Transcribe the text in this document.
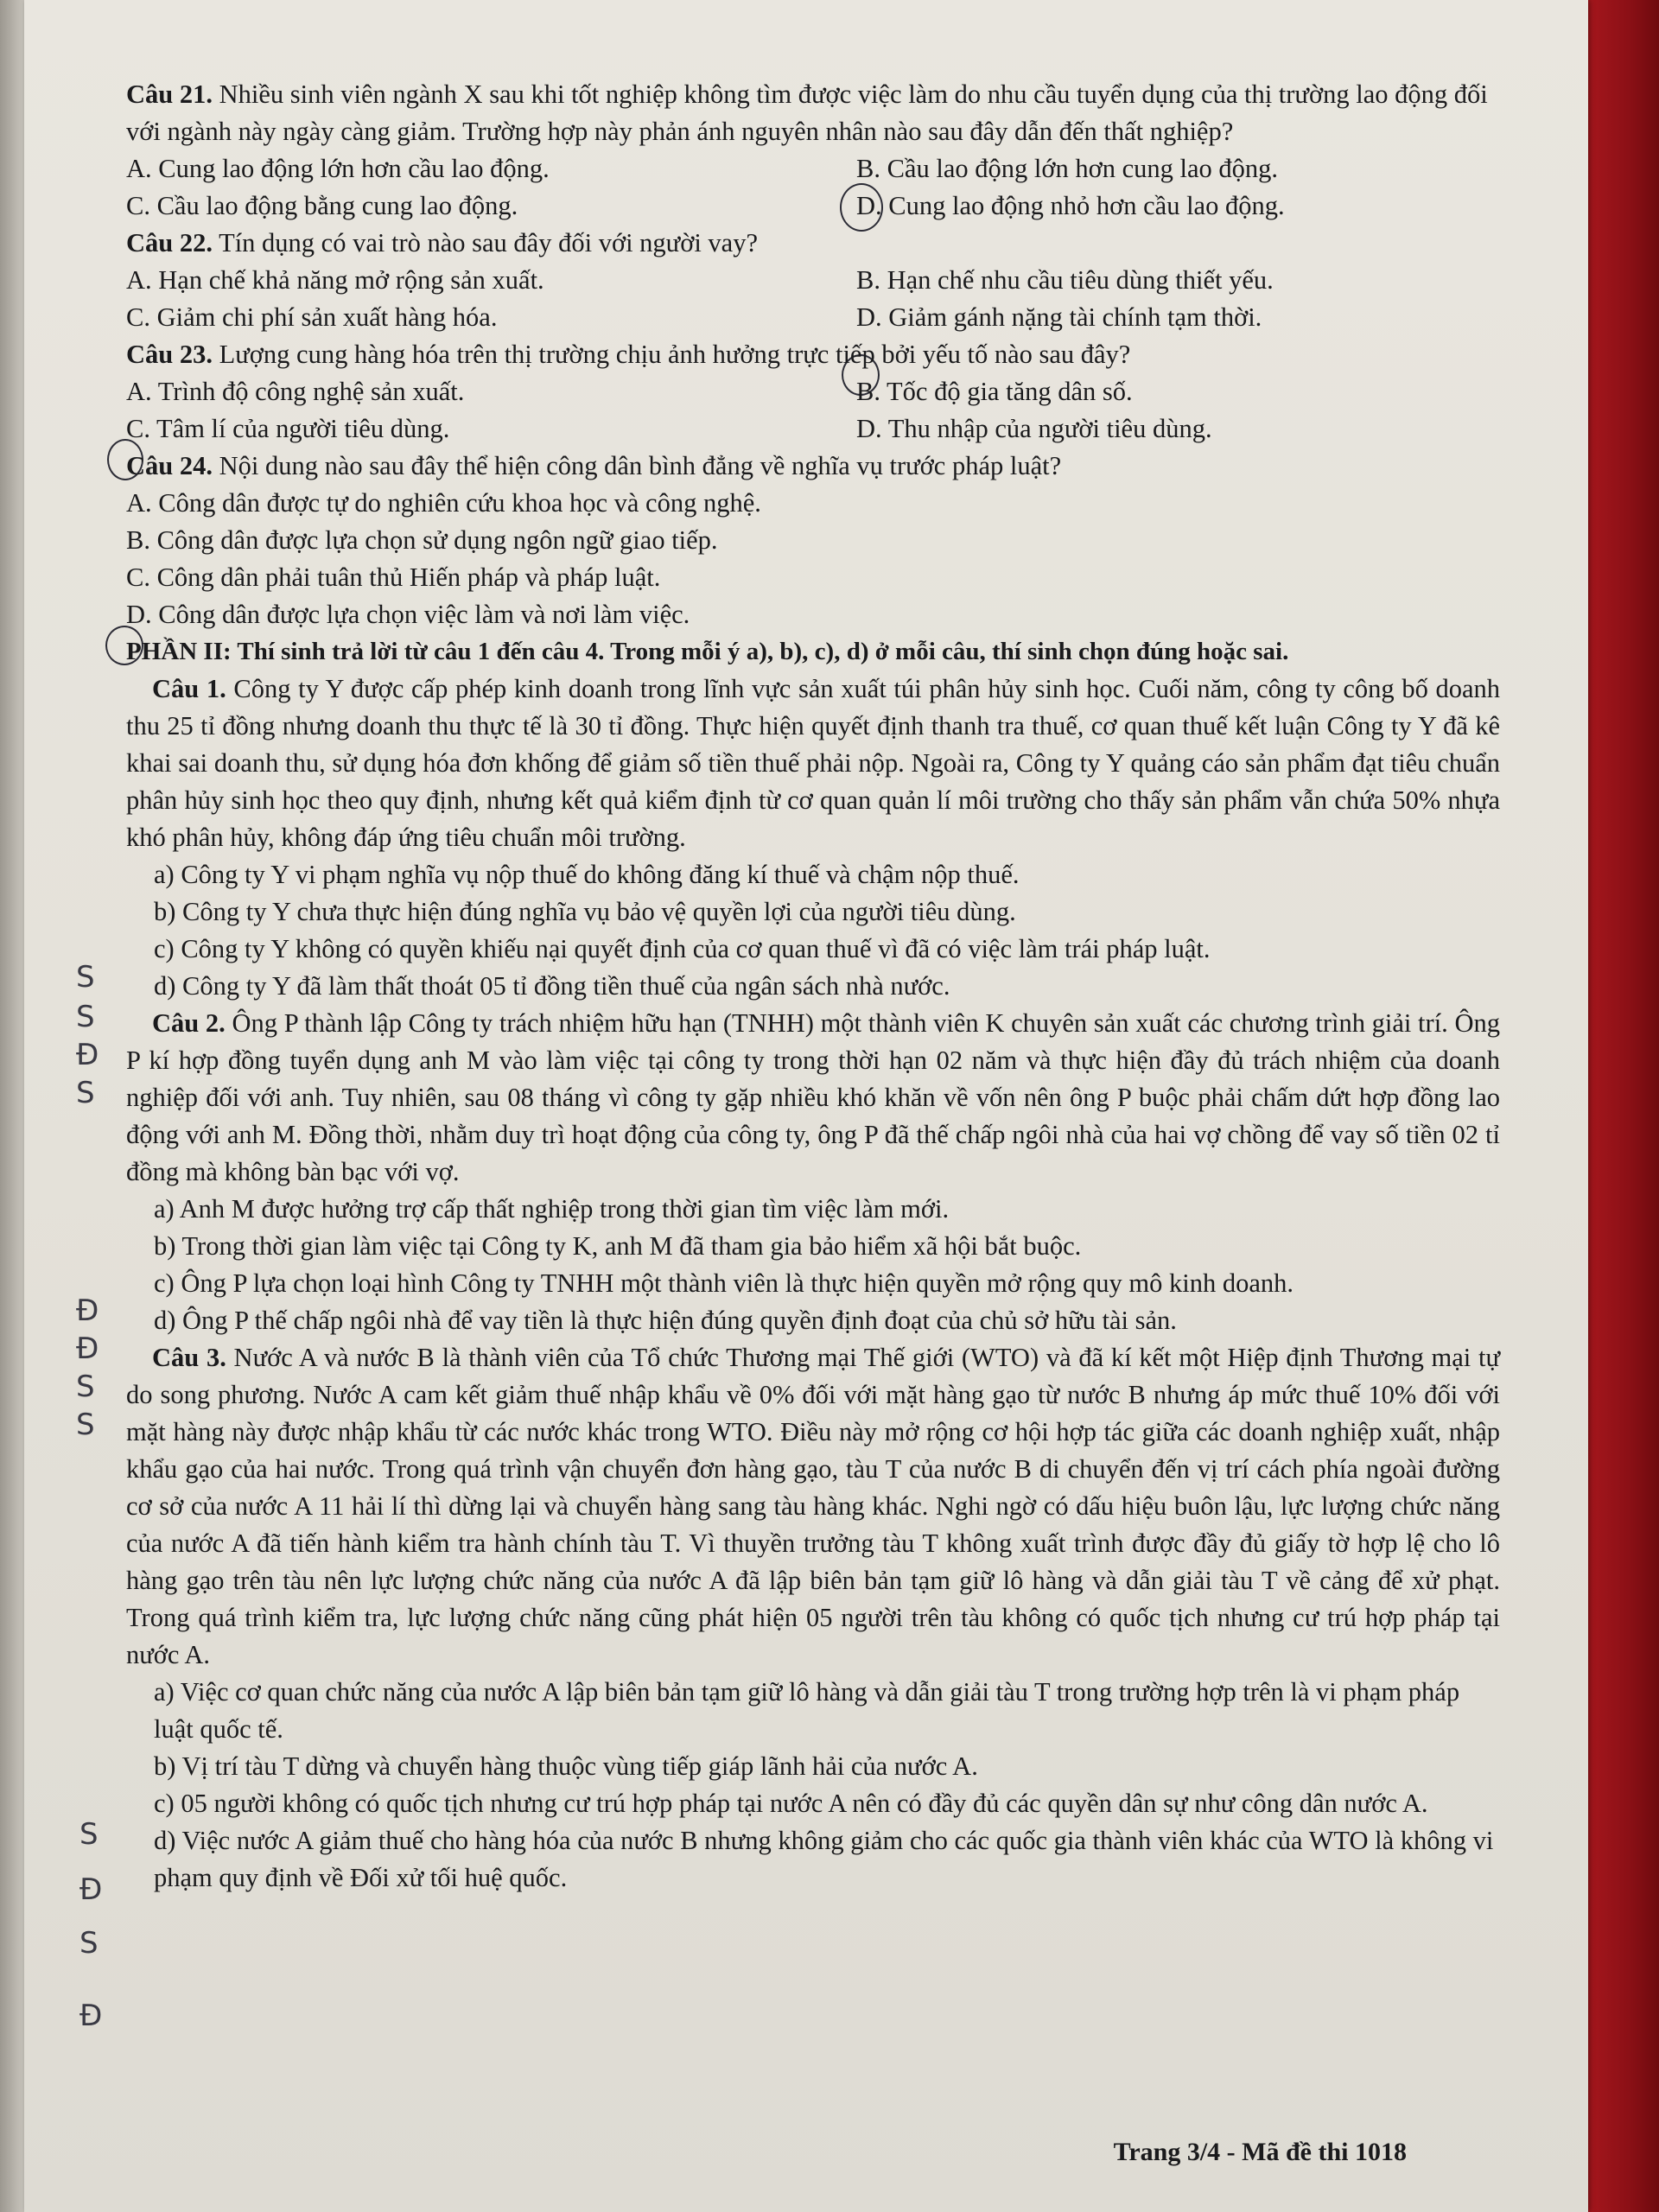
S
S
Đ
S
Đ
Đ
S
S
S
Đ
S
Đ

Câu 21. Nhiều sinh viên ngành X sau khi tốt nghiệp không tìm được việc làm do nhu cầu tuyển dụng của thị trường lao động đối với ngành này ngày càng giảm. Trường hợp này phản ánh nguyên nhân nào sau đây dẫn đến thất nghiệp?

A. Cung lao động lớn hơn cầu lao động.	B. Cầu lao động lớn hơn cung lao động.
C. Cầu lao động bằng cung lao động.	D. Cung lao động nhỏ hơn cầu lao động.

Câu 22. Tín dụng có vai trò nào sau đây đối với người vay?

A. Hạn chế khả năng mở rộng sản xuất.	B. Hạn chế nhu cầu tiêu dùng thiết yếu.
C. Giảm chi phí sản xuất hàng hóa.	D. Giảm gánh nặng tài chính tạm thời.

Câu 23. Lượng cung hàng hóa trên thị trường chịu ảnh hưởng trực tiếp bởi yếu tố nào sau đây?

A. Trình độ công nghệ sản xuất.	B. Tốc độ gia tăng dân số.
C. Tâm lí của người tiêu dùng.	D. Thu nhập của người tiêu dùng.

Câu 24. Nội dung nào sau đây thể hiện công dân bình đẳng về nghĩa vụ trước pháp luật?

A. Công dân được tự do nghiên cứu khoa học và công nghệ.
B. Công dân được lựa chọn sử dụng ngôn ngữ giao tiếp.
C. Công dân phải tuân thủ Hiến pháp và pháp luật.
D. Công dân được lựa chọn việc làm và nơi làm việc.
PHẦN II: Thí sinh trả lời từ câu 1 đến câu 4. Trong mỗi ý a), b), c), d) ở mỗi câu, thí sinh chọn đúng hoặc sai.

Câu 1. Công ty Y được cấp phép kinh doanh trong lĩnh vực sản xuất túi phân hủy sinh học. Cuối năm, công ty công bố doanh thu 25 tỉ đồng nhưng doanh thu thực tế là 30 tỉ đồng. Thực hiện quyết định thanh tra thuế, cơ quan thuế kết luận Công ty Y đã kê khai sai doanh thu, sử dụng hóa đơn khống để giảm số tiền thuế phải nộp. Ngoài ra, Công ty Y quảng cáo sản phẩm đạt tiêu chuẩn phân hủy sinh học theo quy định, nhưng kết quả kiểm định từ cơ quan quản lí môi trường cho thấy sản phẩm vẫn chứa 50% nhựa khó phân hủy, không đáp ứng tiêu chuẩn môi trường.

a) Công ty Y vi phạm nghĩa vụ nộp thuế do không đăng kí thuế và chậm nộp thuế.
b) Công ty Y chưa thực hiện đúng nghĩa vụ bảo vệ quyền lợi của người tiêu dùng.
c) Công ty Y không có quyền khiếu nại quyết định của cơ quan thuế vì đã có việc làm trái pháp luật.
d) Công ty Y đã làm thất thoát 05 tỉ đồng tiền thuế của ngân sách nhà nước.

Câu 2. Ông P thành lập Công ty trách nhiệm hữu hạn (TNHH) một thành viên K chuyên sản xuất các chương trình giải trí. Ông P kí hợp đồng tuyển dụng anh M vào làm việc tại công ty trong thời hạn 02 năm và thực hiện đầy đủ trách nhiệm của doanh nghiệp đối với anh. Tuy nhiên, sau 08 tháng vì công ty gặp nhiều khó khăn về vốn nên ông P buộc phải chấm dứt hợp đồng lao động với anh M. Đồng thời, nhằm duy trì hoạt động của công ty, ông P đã thế chấp ngôi nhà của hai vợ chồng để vay số tiền 02 tỉ đồng mà không bàn bạc với vợ.

a) Anh M được hưởng trợ cấp thất nghiệp trong thời gian tìm việc làm mới.
b) Trong thời gian làm việc tại Công ty K, anh M đã tham gia bảo hiểm xã hội bắt buộc.
c) Ông P lựa chọn loại hình Công ty TNHH một thành viên là thực hiện quyền mở rộng quy mô kinh doanh.
d) Ông P thế chấp ngôi nhà để vay tiền là thực hiện đúng quyền định đoạt của chủ sở hữu tài sản.

Câu 3. Nước A và nước B là thành viên của Tổ chức Thương mại Thế giới (WTO) và đã kí kết một Hiệp định Thương mại tự do song phương. Nước A cam kết giảm thuế nhập khẩu về 0% đối với mặt hàng gạo từ nước B nhưng áp mức thuế 10% đối với mặt hàng này được nhập khẩu từ các nước khác trong WTO. Điều này mở rộng cơ hội hợp tác giữa các doanh nghiệp xuất, nhập khẩu gạo của hai nước. Trong quá trình vận chuyển đơn hàng gạo, tàu T của nước B di chuyển đến vị trí cách phía ngoài đường cơ sở của nước A 11 hải lí thì dừng lại và chuyển hàng sang tàu hàng khác. Nghi ngờ có dấu hiệu buôn lậu, lực lượng chức năng của nước A đã tiến hành kiểm tra hành chính tàu T. Vì thuyền trưởng tàu T không xuất trình được đầy đủ giấy tờ hợp lệ cho lô hàng gạo trên tàu nên lực lượng chức năng của nước A đã lập biên bản tạm giữ lô hàng và dẫn giải tàu T về cảng để xử phạt. Trong quá trình kiểm tra, lực lượng chức năng cũng phát hiện 05 người trên tàu không có quốc tịch nhưng cư trú hợp pháp tại nước A.

a) Việc cơ quan chức năng của nước A lập biên bản tạm giữ lô hàng và dẫn giải tàu T trong trường hợp trên là vi phạm pháp luật quốc tế.
b) Vị trí tàu T dừng và chuyển hàng thuộc vùng tiếp giáp lãnh hải của nước A.
c) 05 người không có quốc tịch nhưng cư trú hợp pháp tại nước A nên có đầy đủ các quyền dân sự như công dân nước A.
d) Việc nước A giảm thuế cho hàng hóa của nước B nhưng không giảm cho các quốc gia thành viên khác của WTO là không vi phạm quy định về Đối xử tối huệ quốc.
Trang 3/4 - Mã đề thi 1018
